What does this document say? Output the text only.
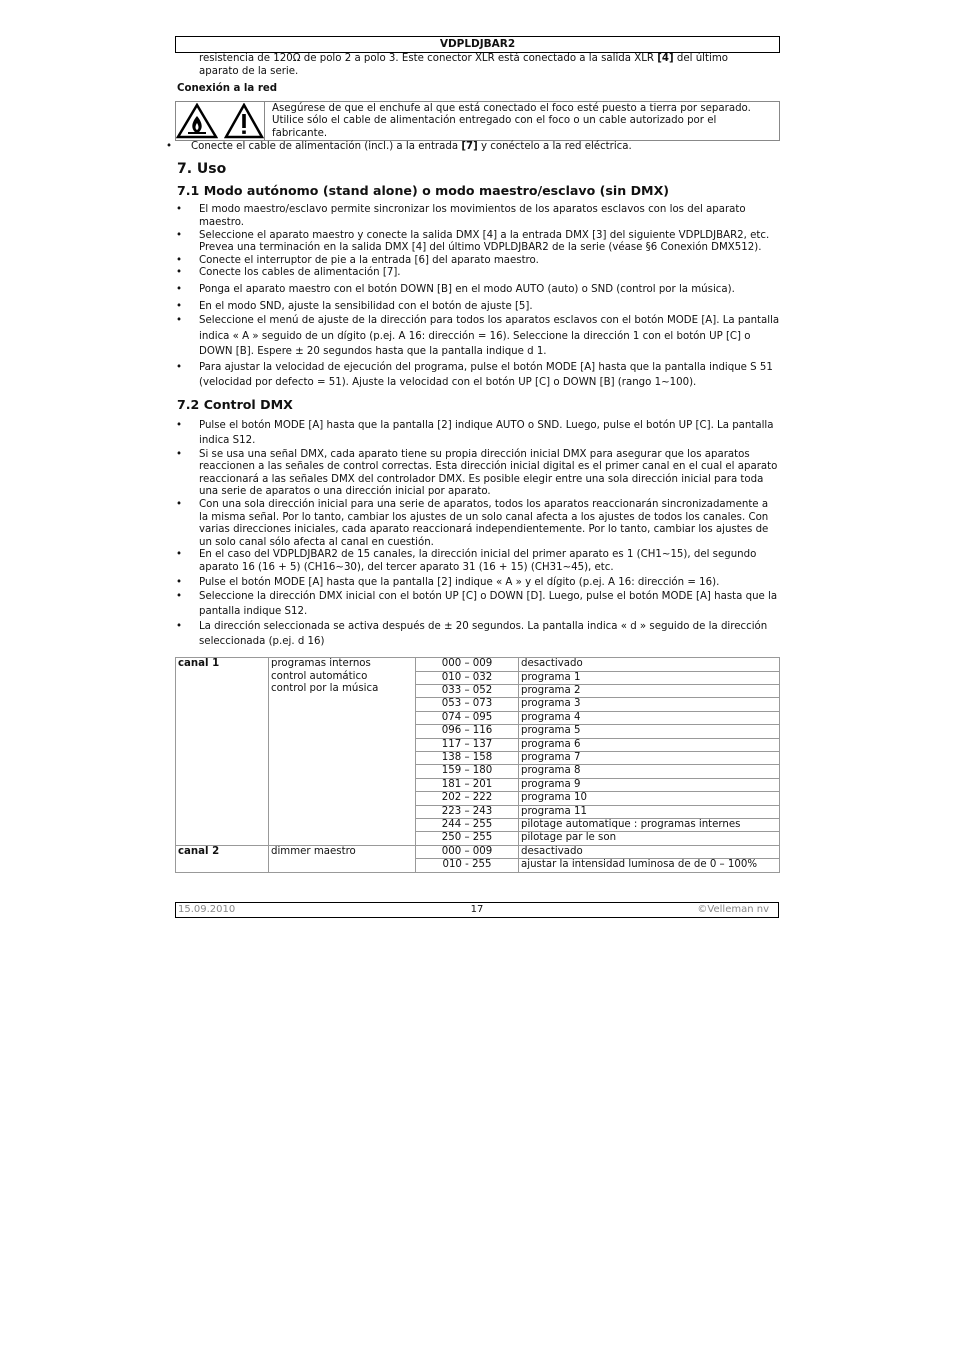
VDPLDJBAR2
resistencia de 120Ω de polo 2 a polo 3. Este conector XLR está conectado a la salida XLR [4] del último
aparato de la serie.
Conexión a la red
Asegúrese de que el enchufe al que está conectado el foco esté puesto a tierra por separado. Utilice sólo el cable de alimentación entregado con el foco o un cable autorizado por el fabricante.
• Conecte el cable de alimentación (incl.) a la entrada [7] y conéctelo a la red eléctrica.
7. Uso
7.1 Modo autónomo (stand alone) o modo maestro/esclavo (sin DMX)
• El modo maestro/esclavo permite sincronizar los movimientos de los aparatos esclavos con los del aparato maestro.
• Seleccione el aparato maestro y conecte la salida DMX [4] a la entrada DMX [3] del siguiente VDPLDJBAR2, etc. Prevea una terminación en la salida DMX [4] del último VDPLDJBAR2 de la serie (véase §6 Conexión DMX512).
• Conecte el interruptor de pie a la entrada [6] del aparato maestro.
• Conecte los cables de alimentación [7].
• Ponga el aparato maestro con el botón DOWN [B] en el modo AUTO (auto) o SND (control por la música).
• En el modo SND, ajuste la sensibilidad con el botón de ajuste [5].
• Seleccione el menú de ajuste de la dirección para todos los aparatos esclavos con el botón MODE [A]. La pantalla indica « A » seguido de un dígito (p.ej. A 16: dirección = 16). Seleccione la dirección 1 con el botón UP [C] o DOWN [B]. Espere ± 20 segundos hasta que la pantalla indique d 1.
• Para ajustar la velocidad de ejecución del programa, pulse el botón MODE [A] hasta que la pantalla indique S 51 (velocidad por defecto = 51). Ajuste la velocidad con el botón UP [C] o DOWN [B] (rango 1~100).
7.2 Control DMX
• Pulse el botón MODE [A] hasta que la pantalla [2] indique AUTO o SND. Luego, pulse el botón UP [C]. La pantalla indica S12.
• Si se usa una señal DMX, cada aparato tiene su propia dirección inicial DMX para asegurar que los aparatos reaccionen a las señales de control correctas. Esta dirección inicial digital es el primer canal en el cual el aparato reaccionará a las señales DMX del controlador DMX. Es posible elegir entre una sola dirección inicial para toda una serie de aparatos o una dirección inicial por aparato.
• Con una sola dirección inicial para una serie de aparatos, todos los aparatos reaccionarán sincronizadamente a la misma señal. Por lo tanto, cambiar los ajustes de un solo canal afecta a los ajustes de todos los canales. Con varias direcciones iniciales, cada aparato reaccionará independientemente. Por lo tanto, cambiar los ajustes de un solo canal sólo afecta al canal en cuestión.
• En el caso del VDPLDJBAR2 de 15 canales, la dirección inicial del primer aparato es 1 (CH1~15), del segundo aparato 16 (16 + 5) (CH16~30), del tercer aparato 31 (16 + 15) (CH31~45), etc.
• Pulse el botón MODE [A] hasta que la pantalla [2] indique « A » y el dígito (p.ej. A 16: dirección = 16).
• Seleccione la dirección DMX inicial con el botón UP [C] o DOWN [D]. Luego, pulse el botón MODE [A] hasta que la pantalla indique S12.
• La dirección seleccionada se activa después de ± 20 segundos. La pantalla indica « d » seguido de la dirección seleccionada (p.ej. d 16)
canal 1	programas internos
control automático
control por la música	000 – 009	desactivado
		010 – 032	programa 1
		033 – 052	programa 2
		053 – 073	programa 3
		074 – 095	programa 4
		096 – 116	programa 5
		117 – 137	programa 6
		138 – 158	programa 7
		159 – 180	programa 8
		181 – 201	programa 9
		202 – 222	programa 10
		223 – 243	programa 11
		244 – 255	pilotage automatique : programas internes
		250 – 255	pilotage par le son
canal 2	dimmer maestro	000 – 009	desactivado
		010 - 255	ajustar la intensidad luminosa de de 0 – 100%
15.09.2010	17	©Velleman nv
